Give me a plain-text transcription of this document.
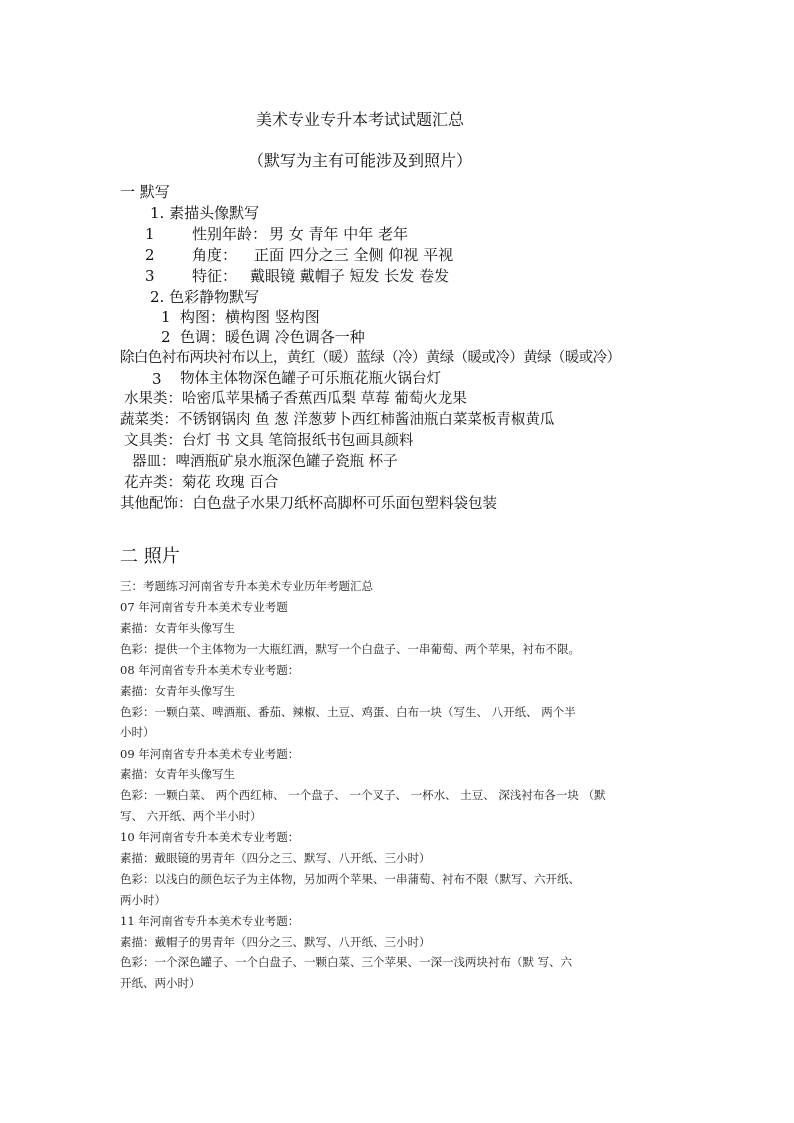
美术专业专升本考试试题汇总
（默写为主有可能涉及到照片）
一 默写
1. 素描头像默写
1 性别年龄： 男 女 青年 中年 老年
2 角度： 正面 四分之三 全侧 仰视 平视
3 特征： 戴眼镜 戴帽子 短发 长发 卷发
2. 色彩静物默写
1 构图：横构图 竖构图
2 色调：暖色调 冷色调各一种
除白色衬布两块衬布以上，黄红（暖）蓝绿（冷）黄绿（暖或冷）黄绿（暖或冷）
3 物体主体物深色罐子可乐瓶花瓶火锅台灯
水果类：哈密瓜苹果橘子香蕉西瓜梨 草莓 葡萄火龙果
蔬菜类：不锈钢锅肉 鱼 葱 洋葱萝卜西红柿酱油瓶白菜菜板青椒黄瓜
文具类：台灯 书 文具 笔筒报纸书包画具颜料
器皿：啤酒瓶矿泉水瓶深色罐子瓷瓶 杯子
花卉类：菊花 玫瑰 百合
其他配饰：白色盘子水果刀纸杯高脚杯可乐面包塑料袋包装
二 照片
三：考题练习河南省专升本美术专业历年考题汇总
07 年河南省专升本美术专业考题
素描：女青年头像写生
色彩：提供一个主体物为一大瓶红酒，默写一个白盘子、一串葡萄、两个苹果，衬布不限。
08 年河南省专升本美术专业考题：
素描：女青年头像写生
色彩：一颗白菜、啤酒瓶、番茄、辣椒、土豆、鸡蛋、白布一块（写生、 八开纸、 两个半
小时）
09 年河南省专升本美术专业考题：
素描：女青年头像写生
色彩：一颗白菜、 两个西红柿、 一个盘子、 一个叉子、 一杯水、 土豆、 深浅衬布各一块 （默
写、 六开纸、两个半小时）
10 年河南省专升本美术专业考题：
素描：戴眼镜的男青年（四分之三、默写、八开纸、三小时）
色彩：以浅白的颜色坛子为主体物，另加两个苹果、一串蒲萄、衬布不限（默写、六开纸、
两小时）
11 年河南省专升本美术专业考题：
素描：戴帽子的男青年（四分之三、默写、八开纸、三小时）
色彩：一个深色罐子、一个白盘子、一颗白菜、三个苹果、一深一浅两块衬布（默 写、六
开纸、两小时）
